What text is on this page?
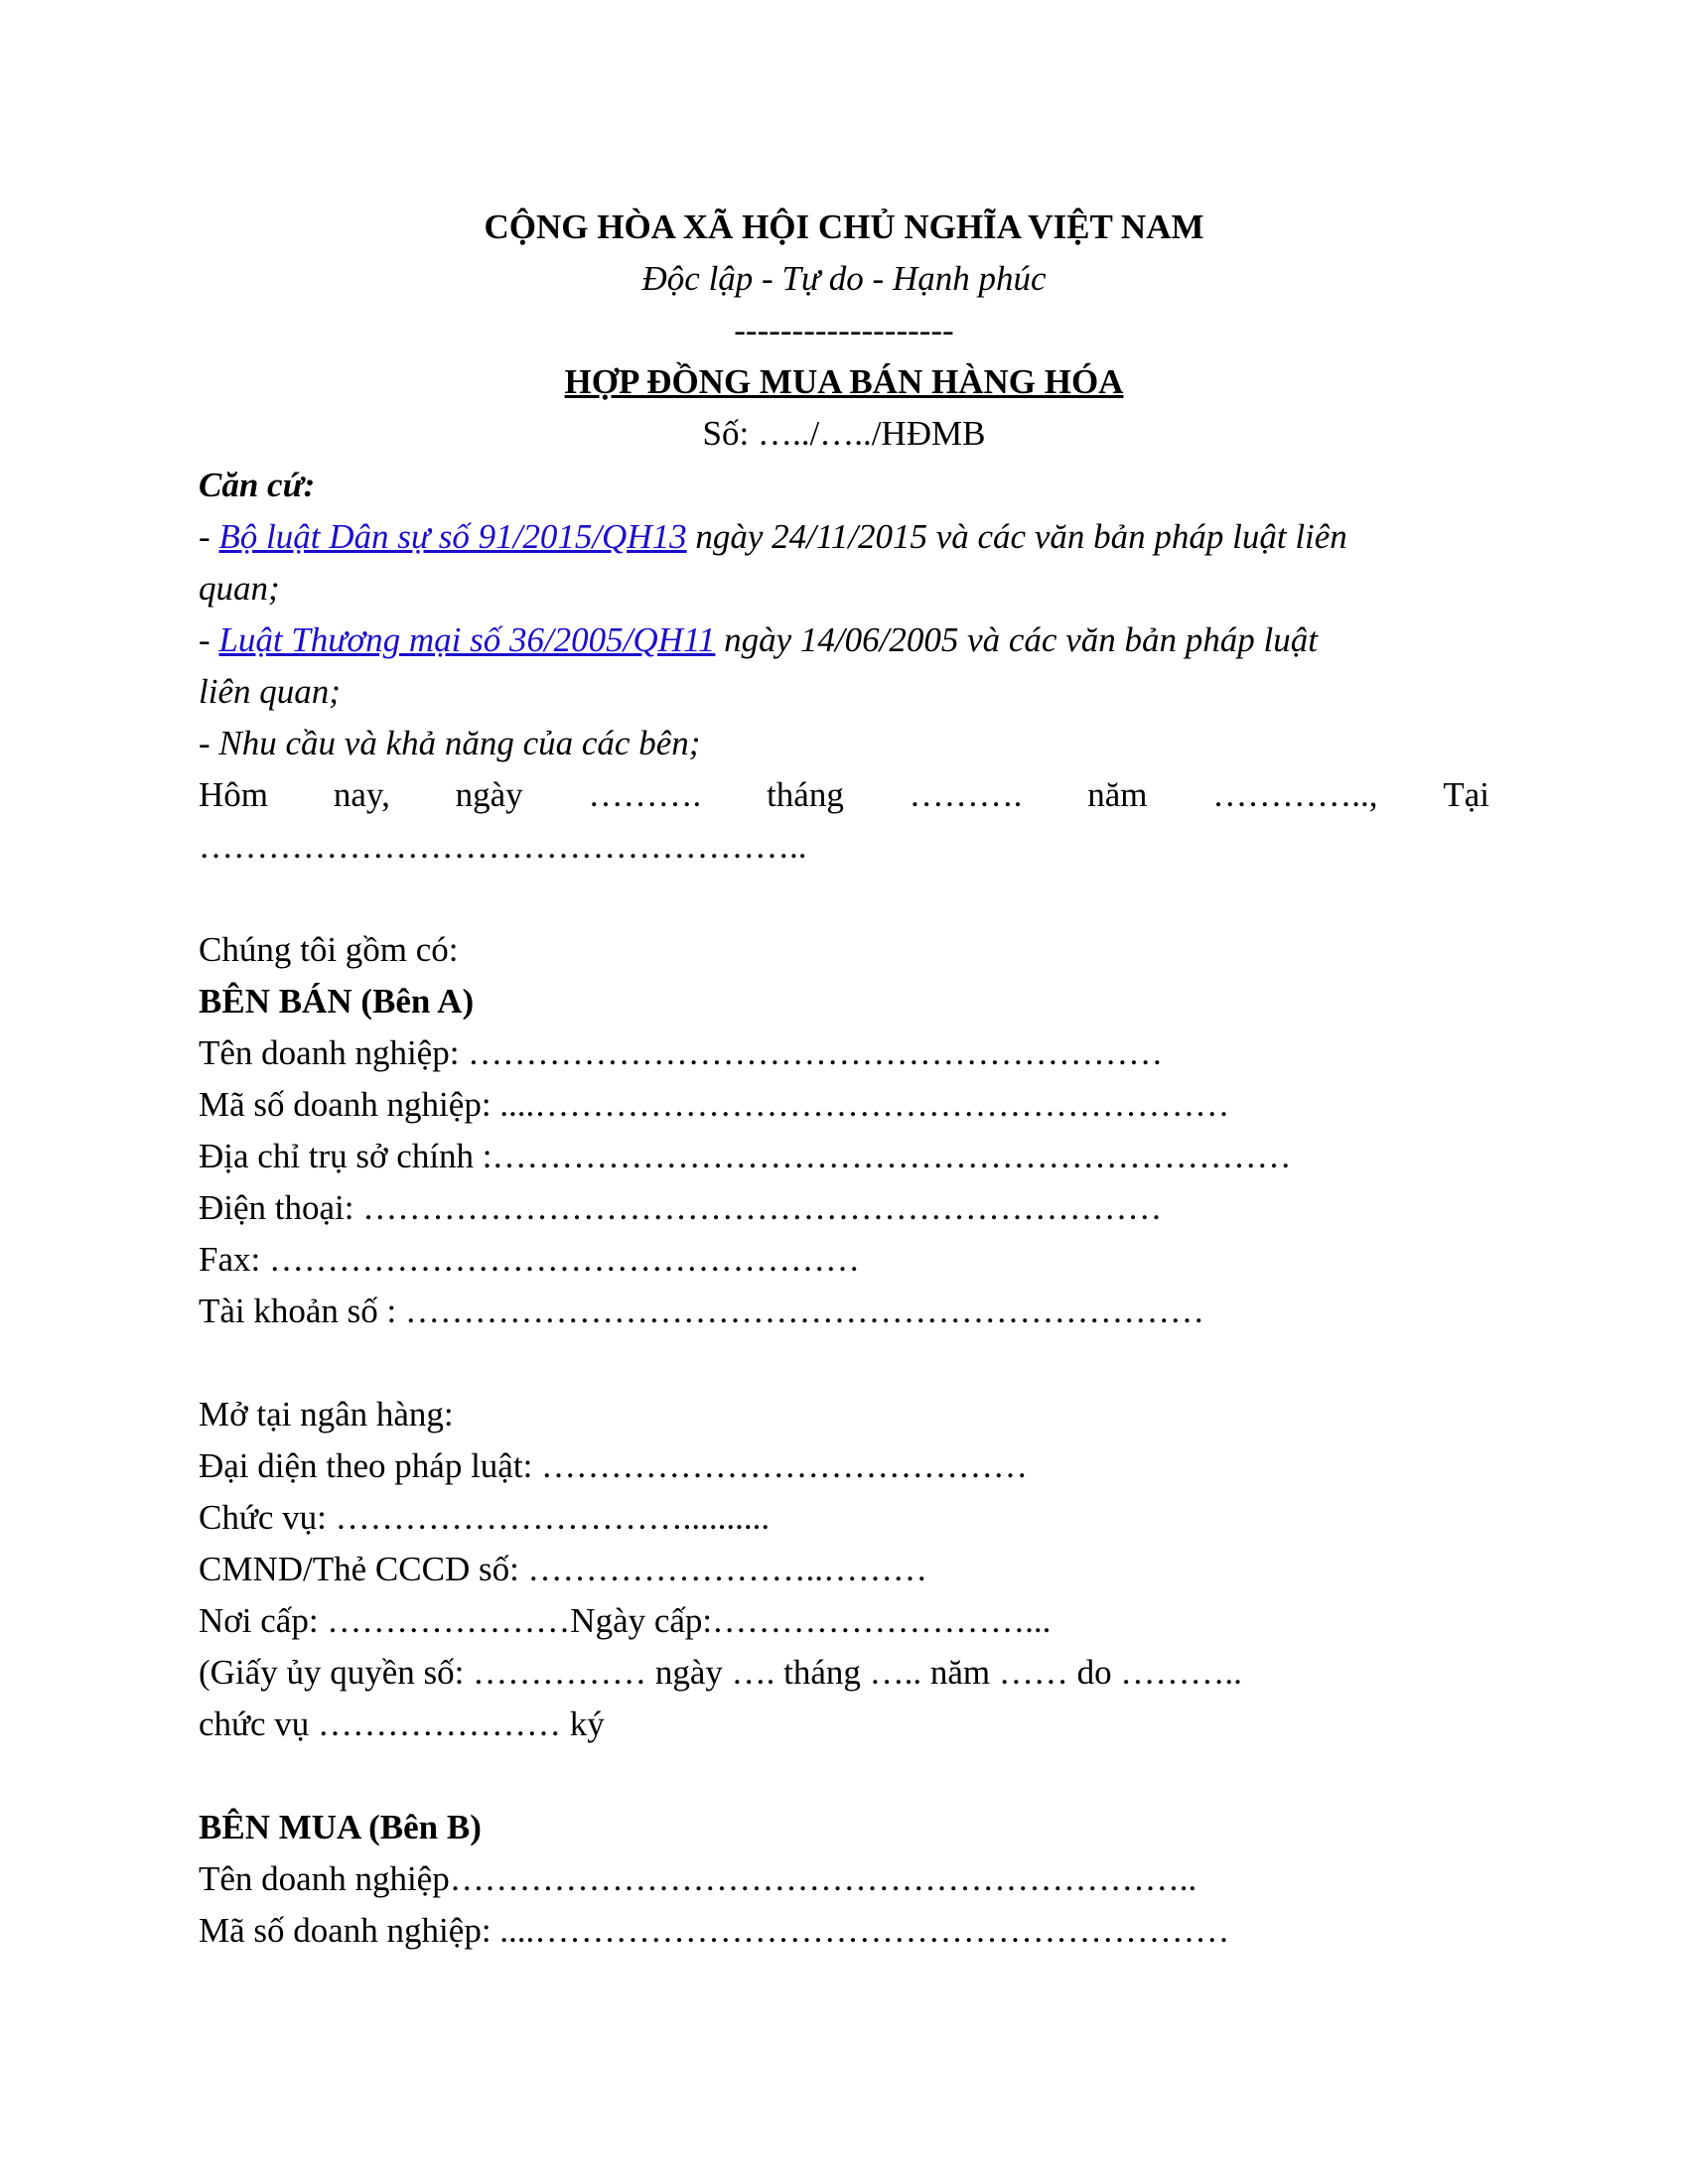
CỘNG HÒA XÃ HỘI CHỦ NGHĨA VIỆT NAM
Độc lập - Tự do - Hạnh phúc
-------------------
HỢP ĐỒNG MUA BÁN HÀNG HÓA
Số: …../…../HĐMB
Căn cứ:
- Bộ luật Dân sự số 91/2015/QH13 ngày 24/11/2015 và các văn bản pháp luật liên
quan;
- Luật Thương mại số 36/2005/QH11 ngày 14/06/2005 và các văn bản pháp luật
liên quan;
- Nhu cầu và khả năng của các bên;
Hôm nay, ngày ………. tháng ………. năm ………….., Tại
……………………………………………..
Chúng tôi gồm có:
BÊN BÁN (Bên A)
Tên doanh nghiệp: ……………………………………………………
Mã số doanh nghiệp: ....……………………………………………………
Địa chỉ trụ sở chính :……………………………………………………………
Điện thoại: ……………………………………………………………
Fax: ……………………………………………
Tài khoản số : ……………………………………………………………
Mở tại ngân hàng:
Đại diện theo pháp luật: ……………………………………
Chức vụ: …………………………..........
CMND/Thẻ CCCD số: ……………………..………
Nơi cấp: …………………Ngày cấp:………………………...
(Giấy ủy quyền số: …………… ngày …. tháng ….. năm …… do ………..
chức vụ ………………… ký
BÊN MUA (Bên B)
Tên doanh nghiệp………………………………………………………..
Mã số doanh nghiệp: ....……………………………………………………
